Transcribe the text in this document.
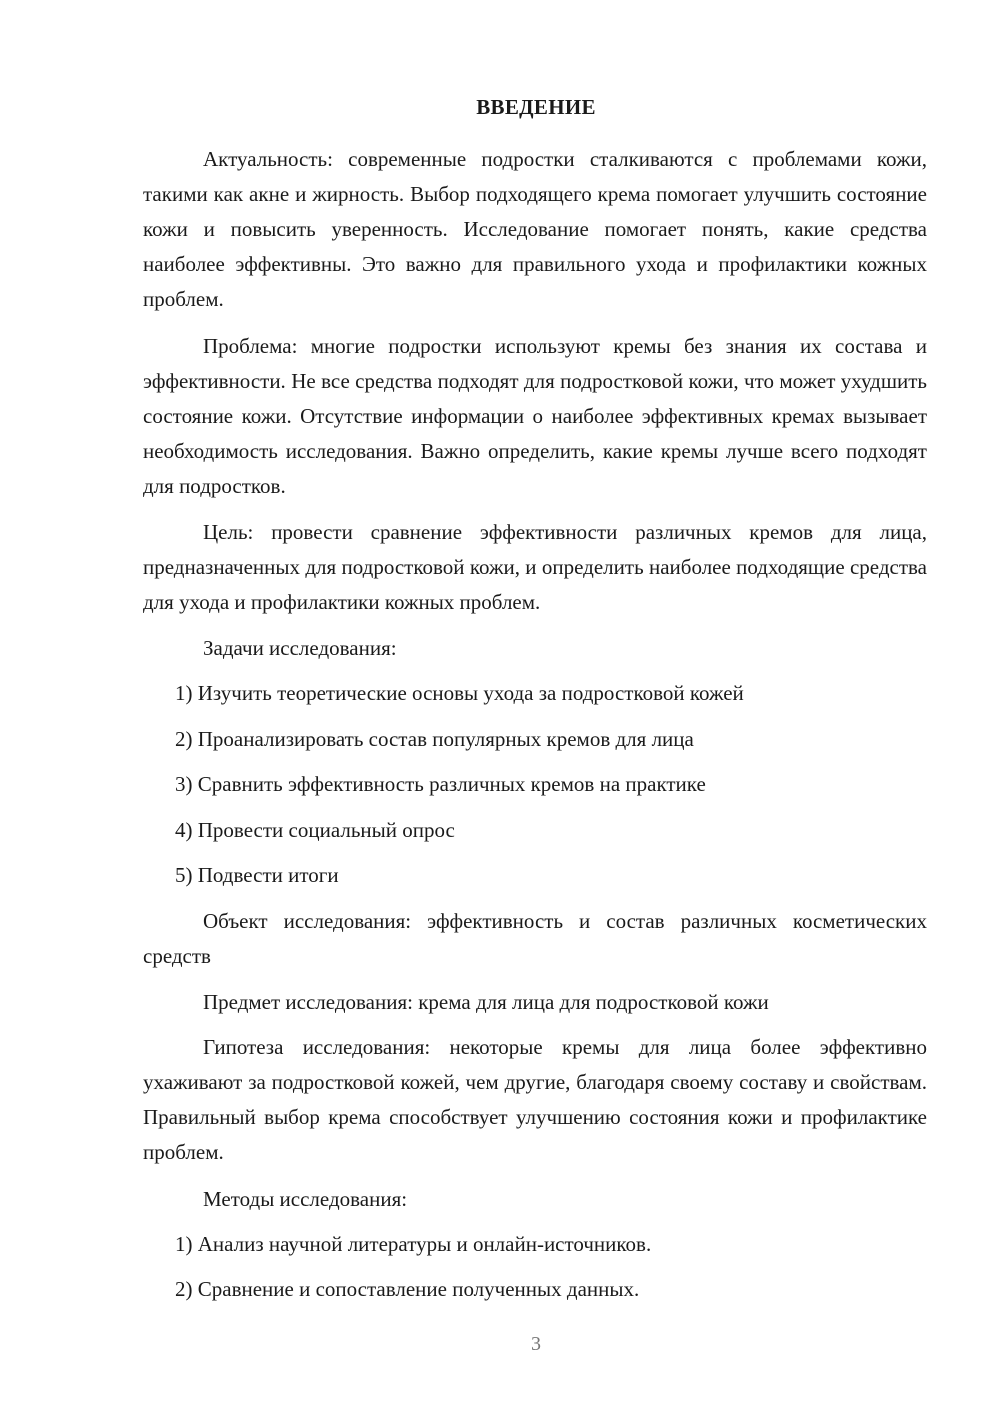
ВВЕДЕНИЕ

Актуальность: современные подростки сталкиваются с проблемами кожи, такими как акне и жирность. Выбор подходящего крема помогает улучшить состояние кожи и повысить уверенность. Исследование помогает понять, какие средства наиболее эффективны. Это важно для правильного ухода и профилактики кожных проблем.

Проблема: многие подростки используют кремы без знания их состава и эффективности. Не все средства подходят для подростковой кожи, что может ухудшить состояние кожи. Отсутствие информации о наиболее эффективных кремах вызывает необходимость исследования. Важно определить, какие кремы лучше всего подходят для подростков.

Цель: провести сравнение эффективности различных кремов для лица, предназначенных для подростковой кожи, и определить наиболее подходящие средства для ухода и профилактики кожных проблем.

Задачи исследования:

1) Изучить теоретические основы ухода за подростковой кожей

2) Проанализировать состав популярных кремов для лица

3) Сравнить эффективность различных кремов на практике

4) Провести социальный опрос

5) Подвести итоги

Объект исследования: эффективность и состав различных косметических средств

Предмет исследования: крема для лица для подростковой кожи

Гипотеза исследования: некоторые кремы для лица более эффективно ухаживают за подростковой кожей, чем другие, благодаря своему составу и свойствам. Правильный выбор крема способствует улучшению состояния кожи и профилактике проблем.

Методы исследования:

1) Анализ научной литературы и онлайн-источников.

2) Сравнение и сопоставление полученных данных.

3
